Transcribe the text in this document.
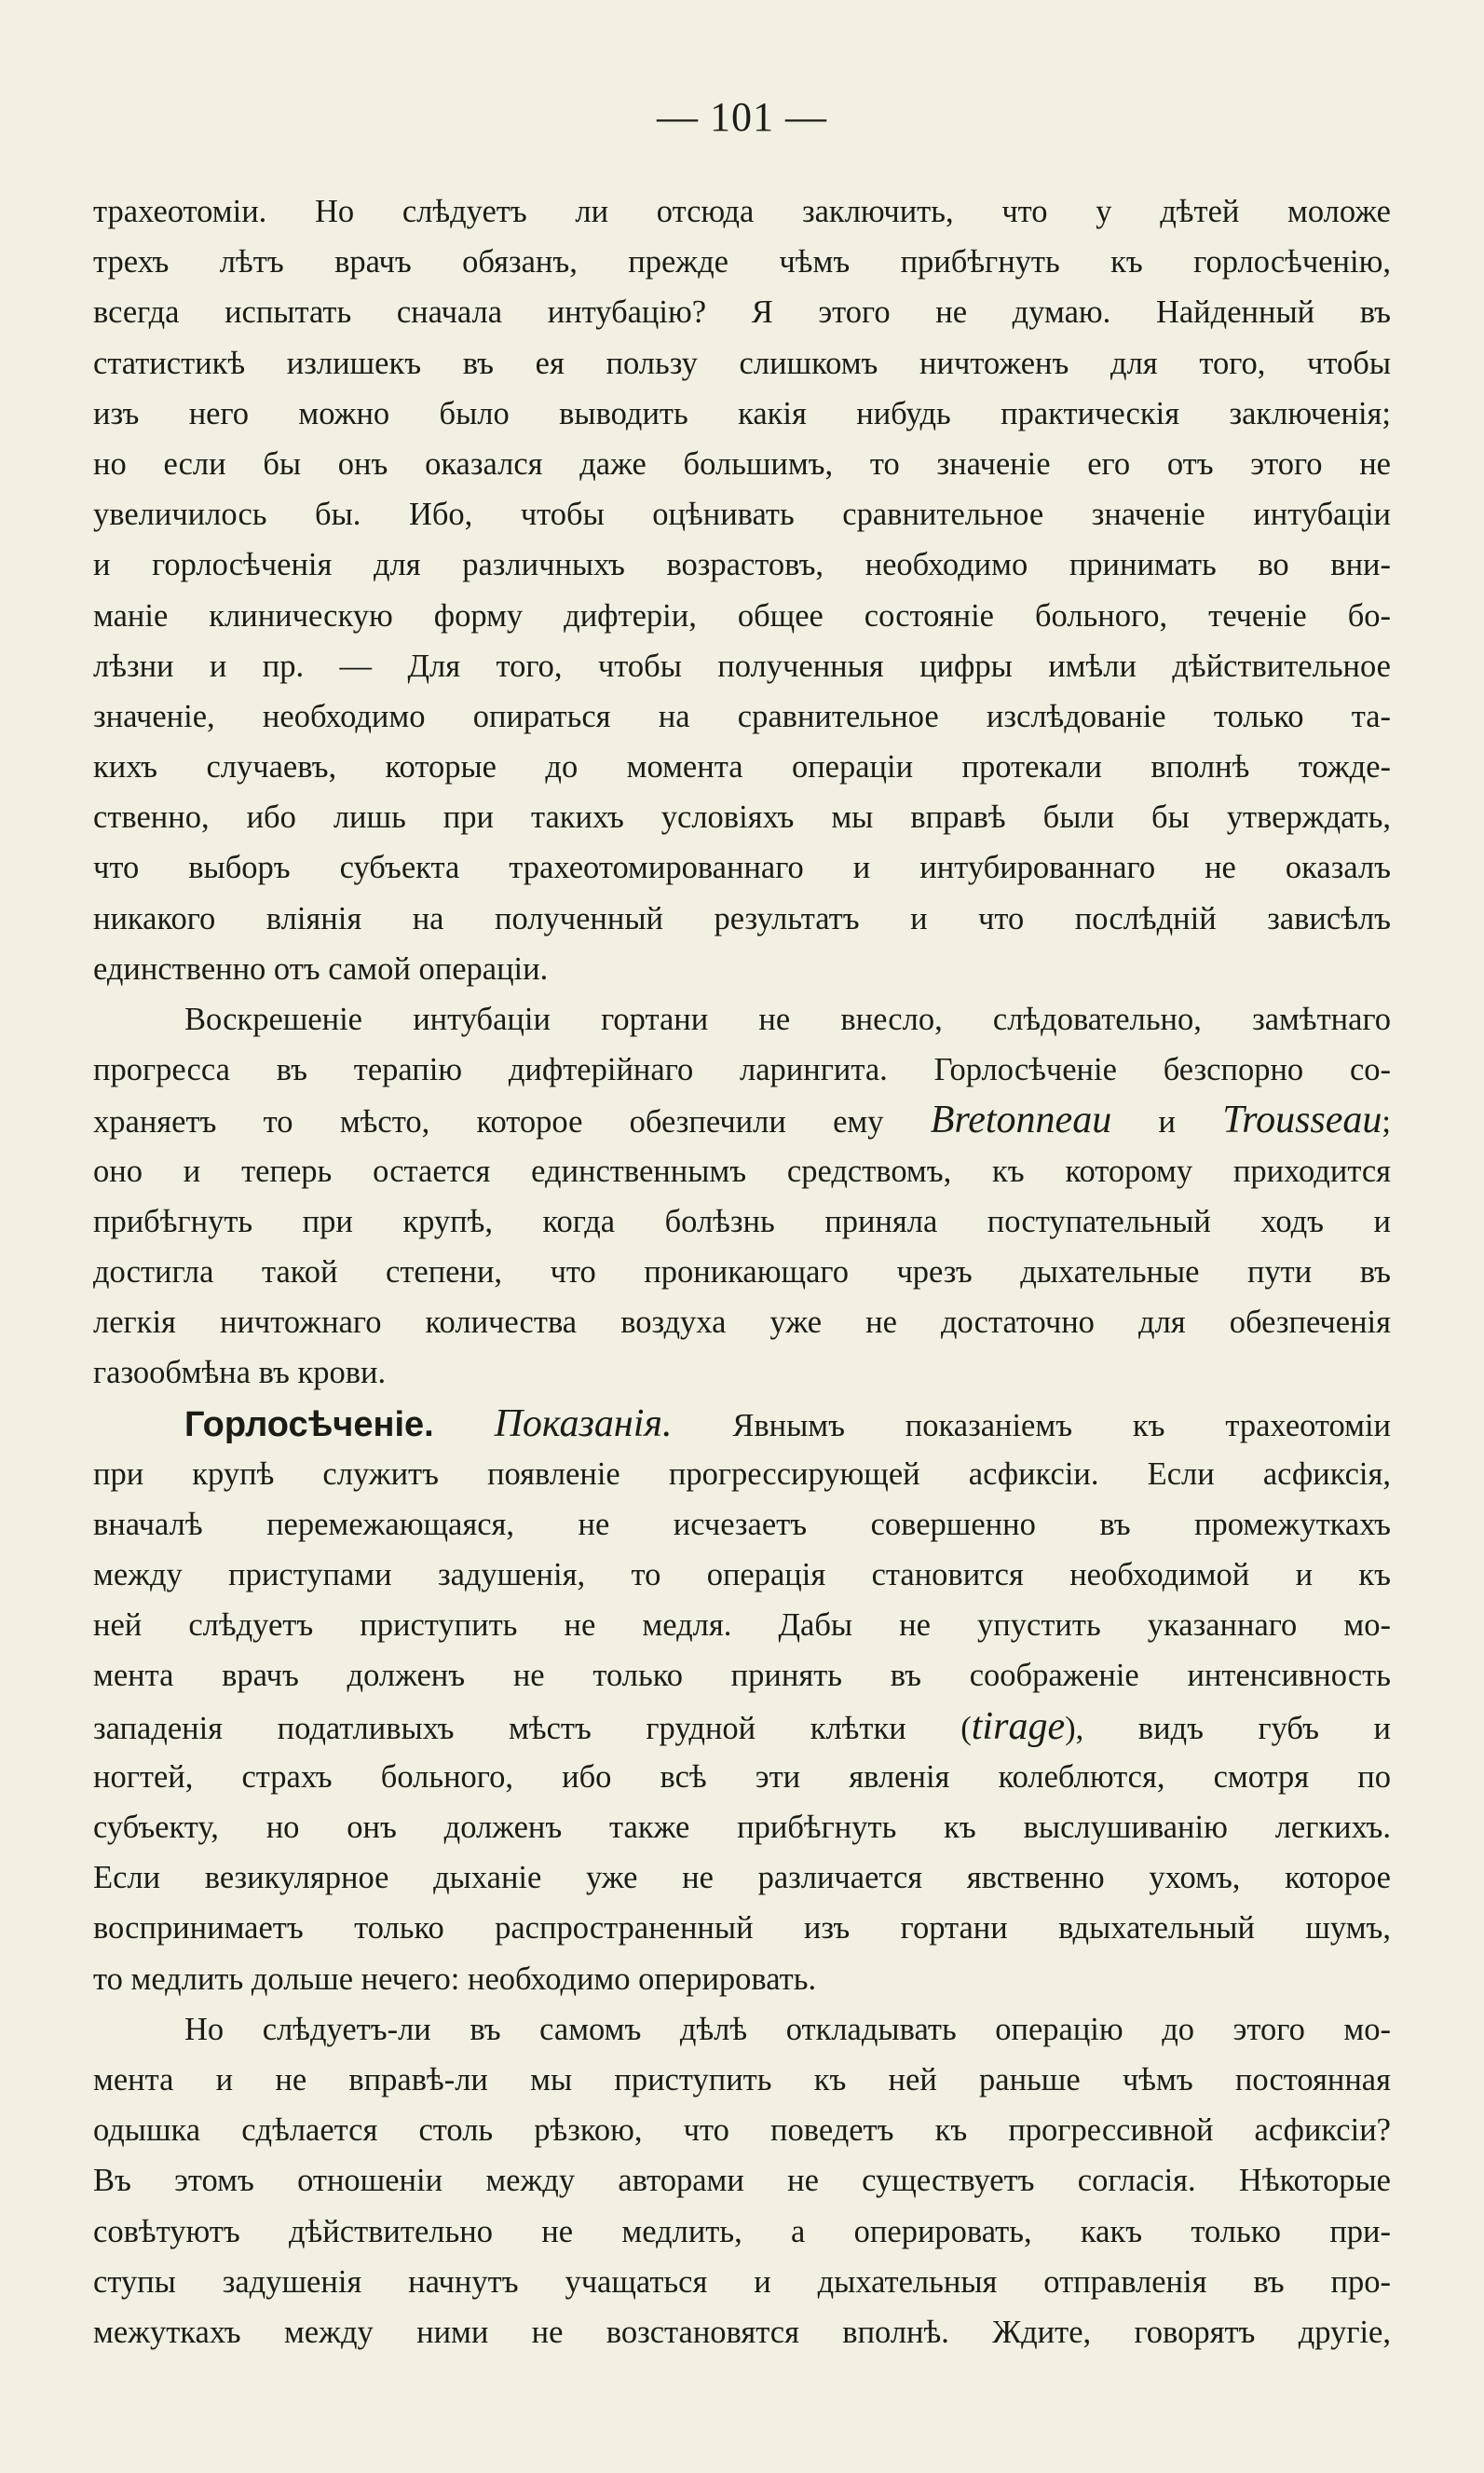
— 101 —
трахеотоміи. Но слѣдуетъ ли отсюда заключить, что у дѣтей моложе
трехъ лѣтъ врачъ обязанъ, прежде чѣмъ прибѣгнуть къ горлосѣченію,
всегда испытать сначала интубацію? Я этого не думаю. Найденный въ
статистикѣ излишекъ въ ея пользу слишкомъ ничтоженъ для того, чтобы
изъ него можно было выводить какія нибудь практическія заключенія;
но если бы онъ оказался даже большимъ, то значеніе его отъ этого не
увеличилось бы. Ибо, чтобы оцѣнивать сравнительное значеніе интубаціи
и горлосѣченія для различныхъ возрастовъ, необходимо принимать во вни-
маніе клиническую форму дифтеріи, общее состояніе больного, теченіе бо-
лѣзни и пр. — Для того, чтобы полученныя цифры имѣли дѣйствительное
значеніе, необходимо опираться на сравнительное изслѣдованіе только та-
кихъ случаевъ, которые до момента операціи протекали вполнѣ тожде-
ственно, ибо лишь при такихъ условіяхъ мы вправѣ были бы утверждать,
что выборъ субъекта трахеотомированнаго и интубированнаго не оказалъ
никакого вліянія на полученный результатъ и что послѣдній зависѣлъ
единственно отъ самой операціи.
Воскрешеніе интубаціи гортани не внесло, слѣдовательно, замѣтнаго
прогресса въ терапію дифтерійнаго ларингита. Горлосѣченіе безспорно со-
храняетъ то мѣсто, которое обезпечили ему Bretonneau и Trousseau;
оно и теперь остается единственнымъ средствомъ, къ которому приходится
прибѣгнуть при крупѣ, когда болѣзнь приняла поступательный ходъ и
достигла такой степени, что проникающаго чрезъ дыхательные пути въ
легкія ничтожнаго количества воздуха уже не достаточно для обезпеченія
газообмѣна въ крови.
Горлосѣченіе. Показанія. Явнымъ показаніемъ къ трахеотоміи
при крупѣ служитъ появленіе прогрессирующей асфиксіи. Если асфиксія,
вначалѣ перемежающаяся, не исчезаетъ совершенно въ промежуткахъ
между приступами задушенія, то операція становится необходимой и къ
ней слѣдуетъ приступить не медля. Дабы не упустить указаннаго мо-
мента врачъ долженъ не только принять въ соображеніе интенсивность
западенія податливыхъ мѣстъ грудной клѣтки (tirage), видъ губъ и
ногтей, страхъ больного, ибо всѣ эти явленія колеблются, смотря по
субъекту, но онъ долженъ также прибѣгнуть къ выслушиванію легкихъ.
Если везикулярное дыханіе уже не различается явственно ухомъ, которое
воспринимаетъ только распространенный изъ гортани вдыхательный шумъ,
то медлить дольше нечего: необходимо оперировать.
Но слѣдуетъ-ли въ самомъ дѣлѣ откладывать операцію до этого мо-
мента и не вправѣ-ли мы приступить къ ней раньше чѣмъ постоянная
одышка сдѣлается столь рѣзкою, что поведетъ къ прогрессивной асфиксіи?
Въ этомъ отношеніи между авторами не существуетъ согласія. Нѣкоторые
совѣтуютъ дѣйствительно не медлить, а оперировать, какъ только при-
ступы задушенія начнутъ учащаться и дыхательныя отправленія въ про-
межуткахъ между ними не возстановятся вполнѣ. Ждите, говорятъ другіе,
